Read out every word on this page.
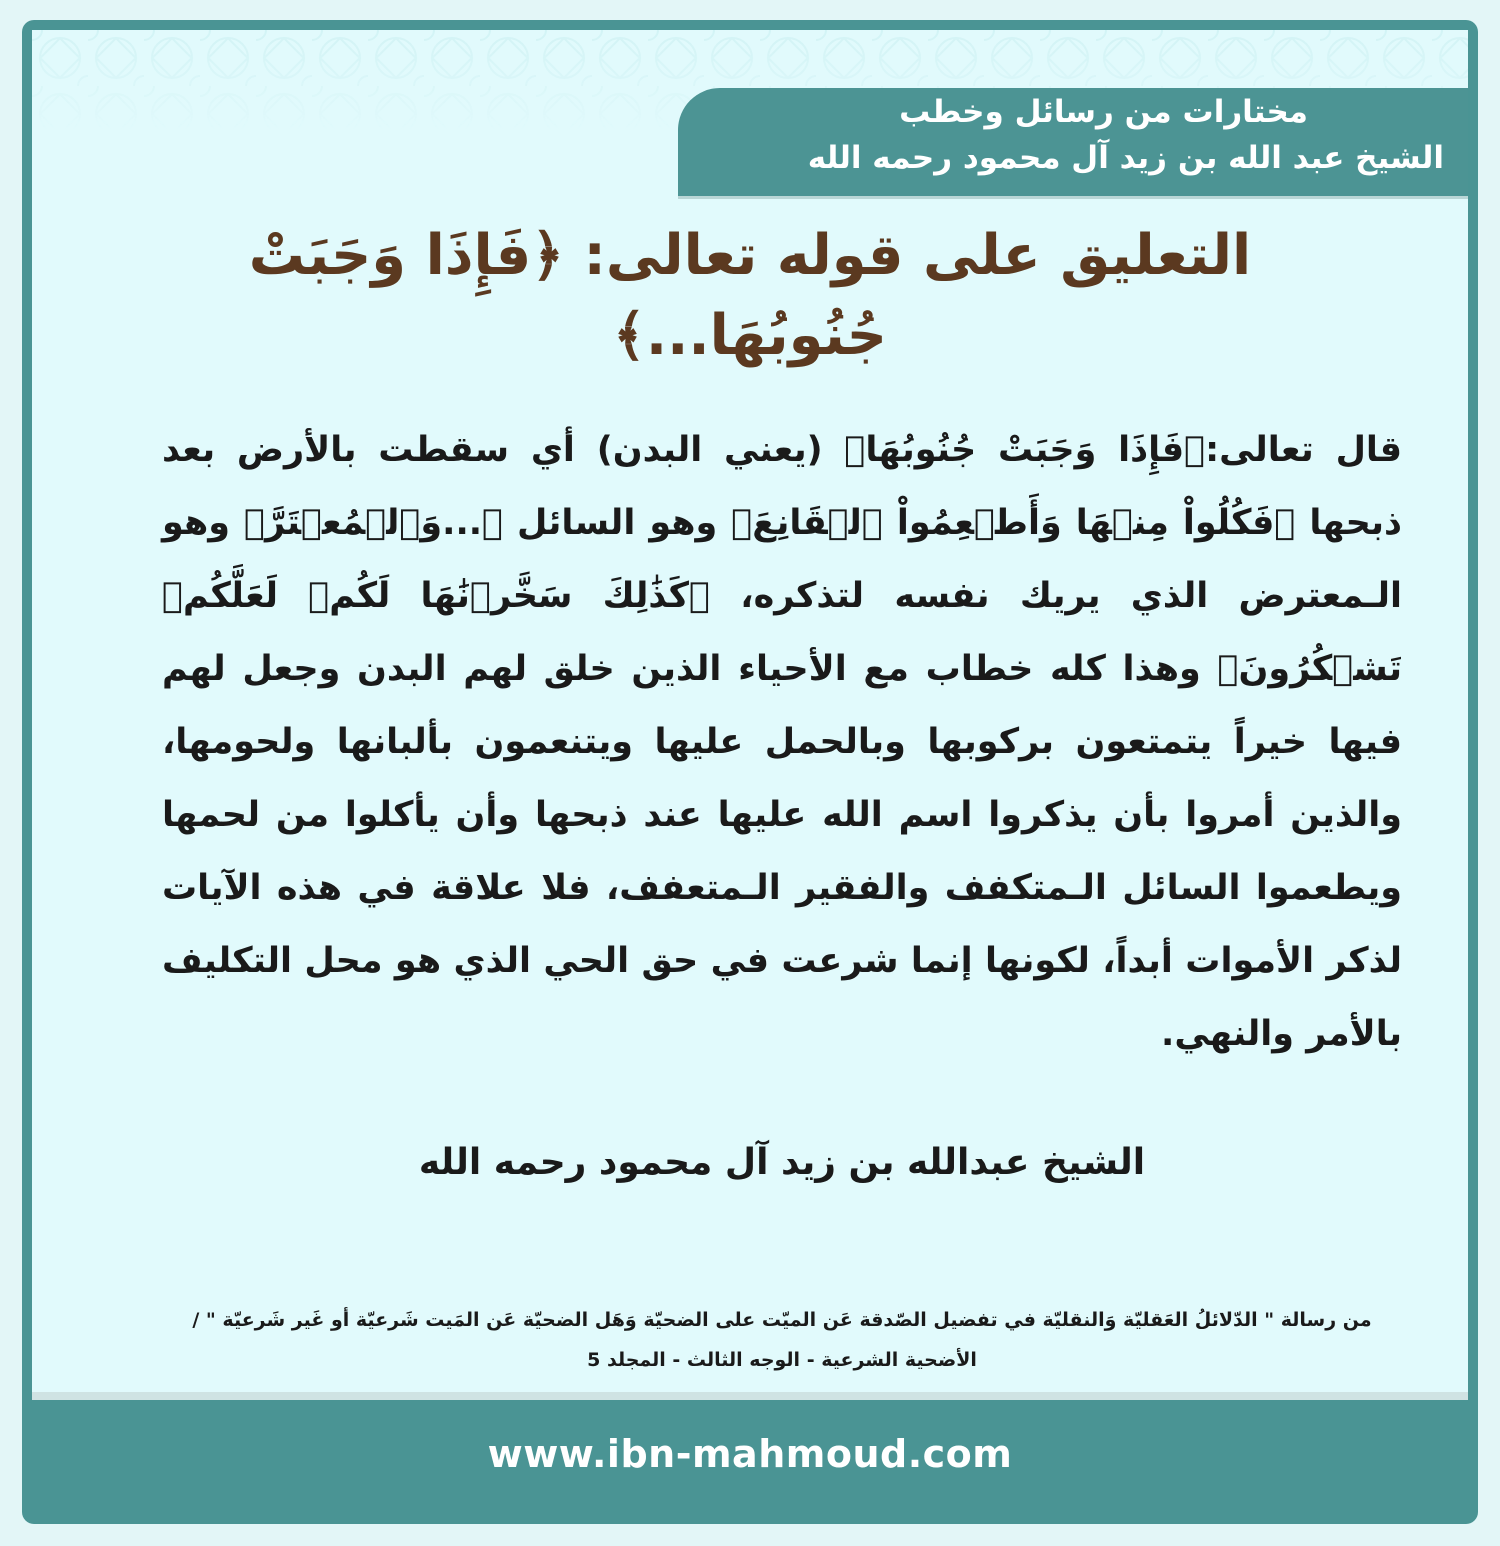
مختارات من رسائل وخطب

الشيخ عبد الله بن زيد آل محمود رحمه الله

التعليق على قوله تعالى: ﴿فَإِذَا وَجَبَتْ جُنُوبُهَا...﴾

قال تعالى:﴿فَإِذَا وَجَبَتْ جُنُوبُهَا﴾ (يعني البدن) أي سقطت بالأرض بعد ذبحها ﴿فَكُلُواْ مِنۡهَا وَأَطۡعِمُواْ ٱلۡقَانِعَ﴾ وهو السائل ﴿...وَٱلۡمُعۡتَرَّ﴾ وهو الـمعترض الذي يريك نفسه لتذكره، ﴿كَذَٰلِكَ سَخَّرۡنَٰهَا لَكُمۡ لَعَلَّكُمۡ تَشۡكُرُونَ﴾ وهذا كله خطاب مع الأحياء الذين خلق لهم البدن وجعل لهم فيها خيراً يتمتعون بركوبها وبالحمل عليها ويتنعمون بألبانها ولحومها، والذين أمروا بأن يذكروا اسم الله عليها عند ذبحها وأن يأكلوا من لحمها ويطعموا السائل الـمتكفف والفقير الـمتعفف، فلا علاقة في هذه الآيات لذكر الأموات أبداً، لكونها إنما شرعت في حق الحي الذي هو محل التكليف بالأمر والنهي.

الشيخ عبدالله بن زيد آل محمود رحمه الله

من رسالة " الدّلائلُ العَقليّة وَالنقليّة في تفضيل الصّدقة عَن الميّت على الضحيّة وَهَل الضحيّة عَن المَيت شَرعيّة أو غَير شَرعيّة " / الأضحية الشرعية - الوجه الثالث - المجلد 5

www.ibn-mahmoud.com
